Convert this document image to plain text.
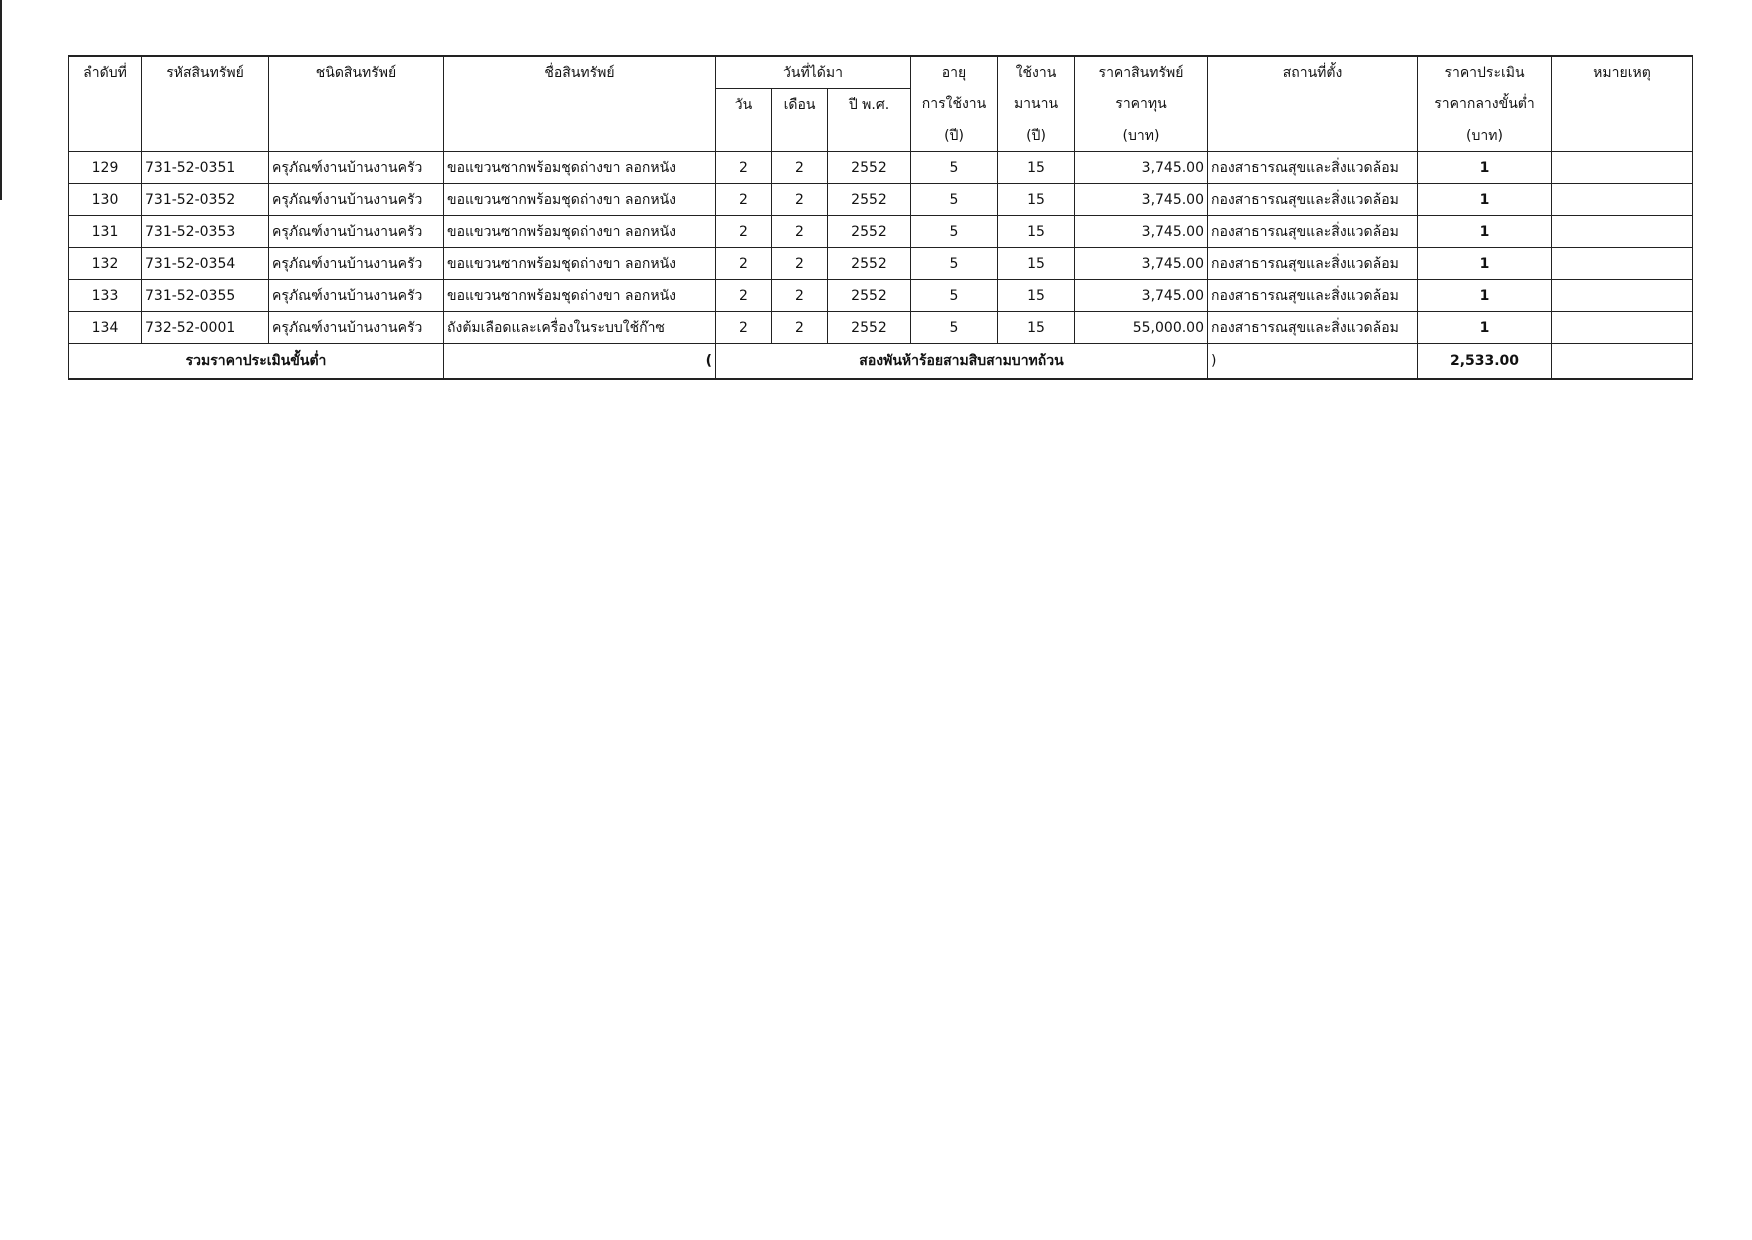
ลำดับที่	รหัสสินทรัพย์	ชนิดสินทรัพย์	ชื่อสินทรัพย์	วันที่ได้มา			อายุ	ใช้งาน	ราคาสินทรัพย์	สถานที่ตั้ง	ราคาประเมิน	หมายเหตุ
				วัน	เดือน	ปี พ.ศ.	การใช้งาน	มานาน	ราคาทุน		ราคากลางขั้นต่ำ	
							(ปี)	(ปี)	(บาท)		(บาท)	
129	731-52-0351	ครุภัณฑ์งานบ้านงานครัว	ขอแขวนซากพร้อมชุดถ่างขา ลอกหนัง	2	2	2552	5	15	3,745.00	กองสาธารณสุขและสิ่งแวดล้อม	1	
130	731-52-0352	ครุภัณฑ์งานบ้านงานครัว	ขอแขวนซากพร้อมชุดถ่างขา ลอกหนัง	2	2	2552	5	15	3,745.00	กองสาธารณสุขและสิ่งแวดล้อม	1	
131	731-52-0353	ครุภัณฑ์งานบ้านงานครัว	ขอแขวนซากพร้อมชุดถ่างขา ลอกหนัง	2	2	2552	5	15	3,745.00	กองสาธารณสุขและสิ่งแวดล้อม	1	
132	731-52-0354	ครุภัณฑ์งานบ้านงานครัว	ขอแขวนซากพร้อมชุดถ่างขา ลอกหนัง	2	2	2552	5	15	3,745.00	กองสาธารณสุขและสิ่งแวดล้อม	1	
133	731-52-0355	ครุภัณฑ์งานบ้านงานครัว	ขอแขวนซากพร้อมชุดถ่างขา ลอกหนัง	2	2	2552	5	15	3,745.00	กองสาธารณสุขและสิ่งแวดล้อม	1	
134	732-52-0001	ครุภัณฑ์งานบ้านงานครัว	ถังต้มเลือดและเครื่องในระบบใช้ก๊าซ	2	2	2552	5	15	55,000.00	กองสาธารณสุขและสิ่งแวดล้อม	1	
รวมราคาประเมินขั้นต่ำ			(	สองพันห้าร้อยสามสิบสามบาทถ้วน						)	2,533.00	
